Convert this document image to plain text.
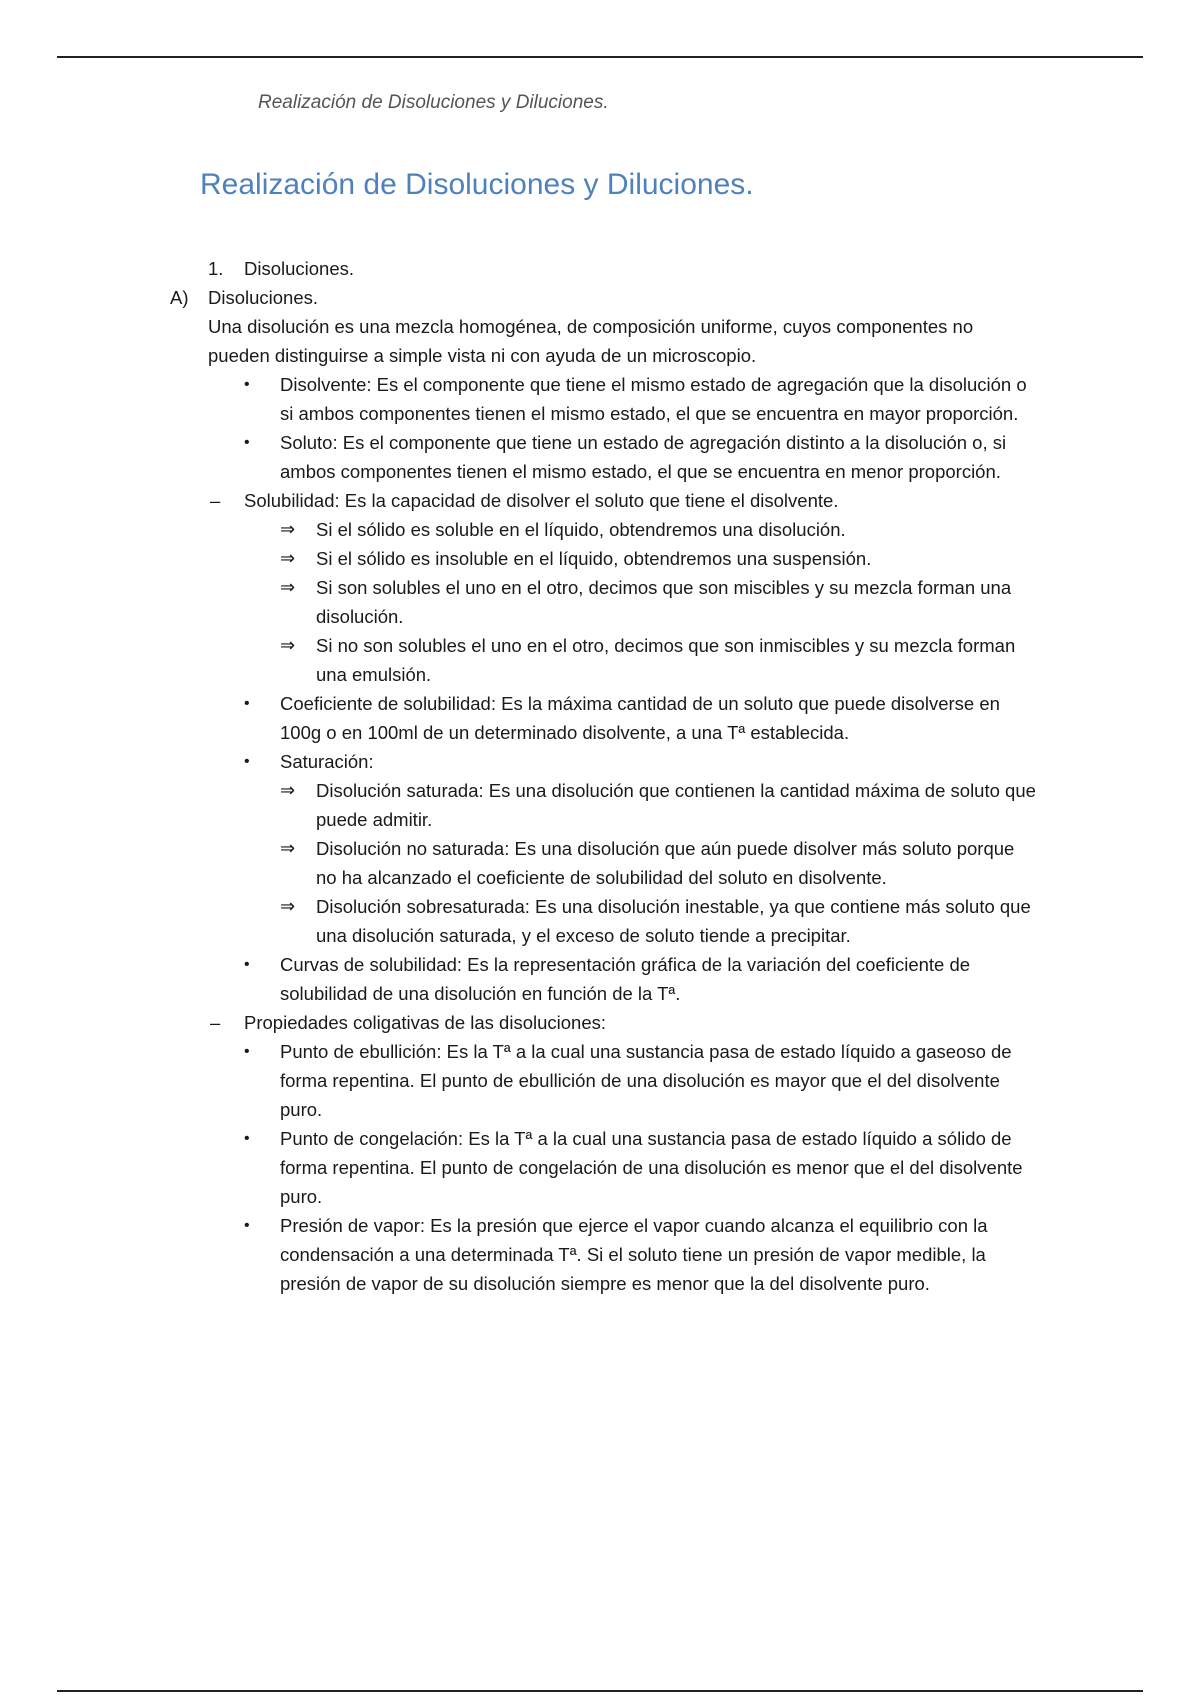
Realización de Disoluciones y Diluciones.
Realización de Disoluciones y Diluciones.

1. Disoluciones.

A) Disoluciones.

Una disolución es una mezcla homogénea, de composición uniforme, cuyos componentes no pueden distinguirse a simple vista ni con ayuda de un microscopio.

• Disolvente: Es el componente que tiene el mismo estado de agregación que la disolución o si ambos componentes tienen el mismo estado, el que se encuentra en mayor proporción.

• Soluto: Es el componente que tiene un estado de agregación distinto a la disolución o, si ambos componentes tienen el mismo estado, el que se encuentra en menor proporción.

– Solubilidad: Es la capacidad de disolver el soluto que tiene el disolvente.

⇒ Si el sólido es soluble en el líquido, obtendremos una disolución.

⇒ Si el sólido es insoluble en el líquido, obtendremos una suspensión.

⇒ Si son solubles el uno en el otro, decimos que son miscibles y su mezcla forman una disolución.

⇒ Si no son solubles el uno en el otro, decimos que son inmiscibles y su mezcla forman una emulsión.

• Coeficiente de solubilidad: Es la máxima cantidad de un soluto que puede disolverse en 100g o en 100ml de un determinado disolvente, a una Tª establecida.

• Saturación:

⇒ Disolución saturada: Es una disolución que contienen la cantidad máxima de soluto que puede admitir.

⇒ Disolución no saturada: Es una disolución que aún puede disolver más soluto porque no ha alcanzado el coeficiente de solubilidad del soluto en disolvente.

⇒ Disolución sobresaturada: Es una disolución inestable, ya que contiene más soluto que una disolución saturada, y el exceso de soluto tiende a precipitar.

• Curvas de solubilidad: Es la representación gráfica de la variación del coeficiente de solubilidad de una disolución en función de la Tª.

– Propiedades coligativas de las disoluciones:

• Punto de ebullición: Es la Tª a la cual una sustancia pasa de estado líquido a gaseoso de forma repentina. El punto de ebullición de una disolución es mayor que el del disolvente puro.

• Punto de congelación: Es la Tª a la cual una sustancia pasa de estado líquido a sólido de forma repentina. El punto de congelación de una disolución es menor que el del disolvente puro.

• Presión de vapor: Es la presión que ejerce el vapor cuando alcanza el equilibrio con la condensación a una determinada Tª. Si el soluto tiene un presión de vapor medible, la presión de vapor de su disolución siempre es menor que la del disolvente puro.
